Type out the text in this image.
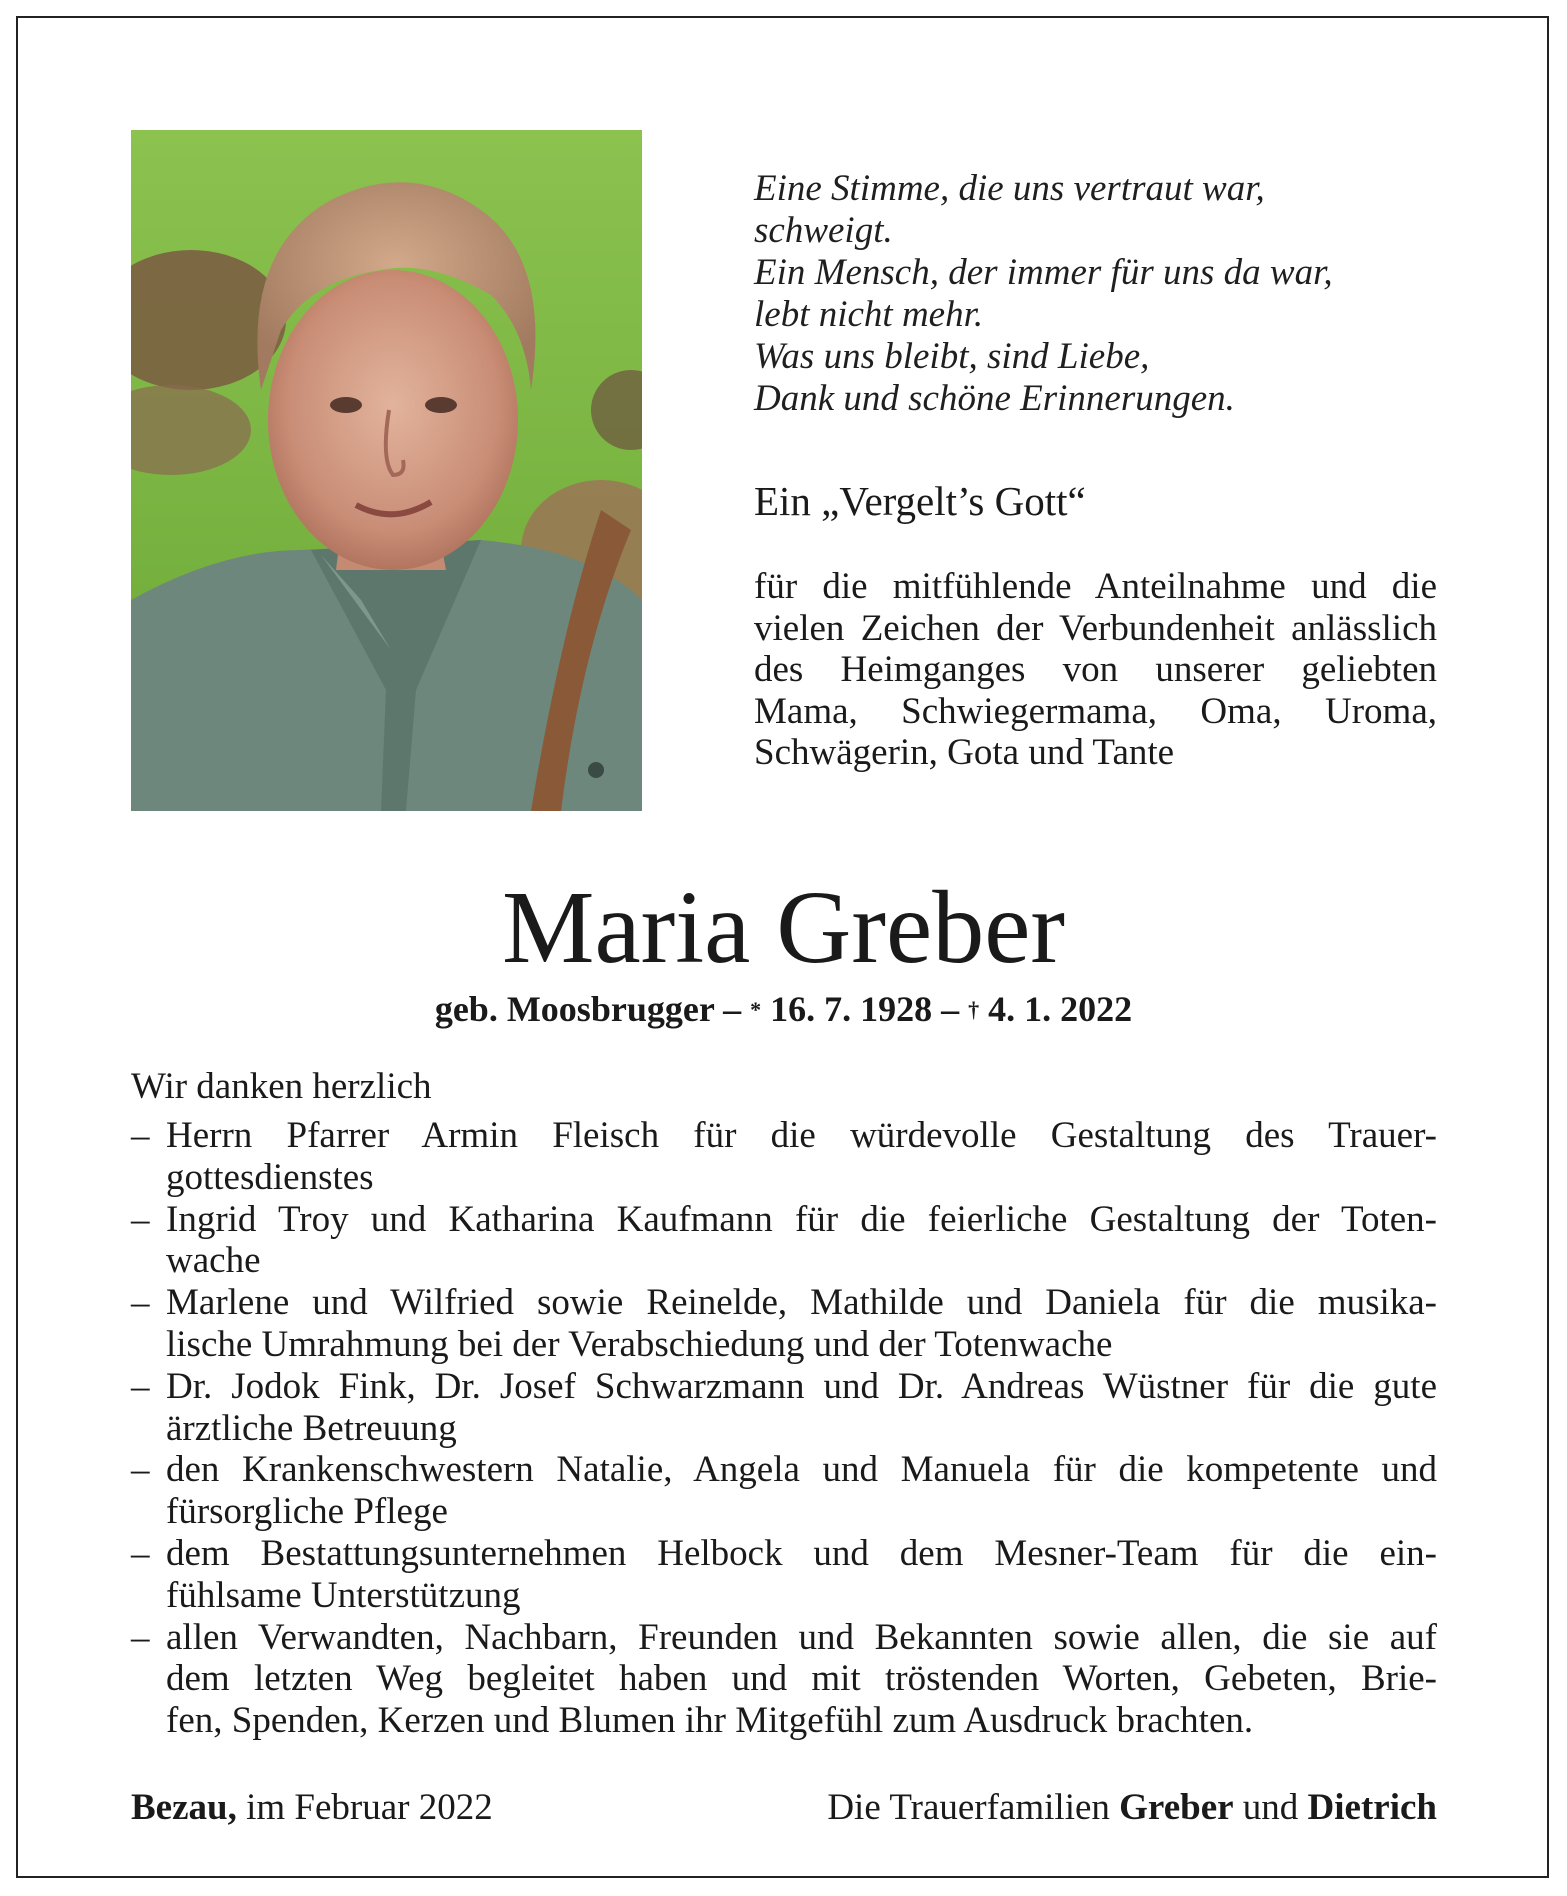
Eine Stimme, die uns vertraut war,
schweigt.
Ein Mensch, der immer für uns da war,
lebt nicht mehr.
Was uns bleibt, sind Liebe,
Dank und schöne Erinnerungen.
Ein „Vergelt’s Gott“
für die mitfühlende Anteilnahme und die vielen Zeichen der Verbundenheit anlässlich des Heimganges von unserer geliebten Mama, Schwiegermama, Oma, Uroma, Schwägerin, Gota und Tante
Maria Greber
geb. Moosbrugger – * 16. 7. 1928 – † 4. 1. 2022
Wir danken herzlich
– Herrn Pfarrer Armin Fleisch für die würdevolle Gestaltung des Trauer-
gottesdienstes
– Ingrid Troy und Katharina Kaufmann für die feierliche Gestaltung der Toten-
wache
– Marlene und Wilfried sowie Reinelde, Mathilde und Daniela für die musika-
lische Umrahmung bei der Verabschiedung und der Totenwache
– Dr. Jodok Fink, Dr. Josef Schwarzmann und Dr. Andreas Wüstner für die gute
ärztliche Betreuung
– den Krankenschwestern Natalie, Angela und Manuela für die kompetente und
fürsorgliche Pflege
– dem Bestattungsunternehmen Helbock und dem Mesner-Team für die ein-
fühlsame Unterstützung
– allen Verwandten, Nachbarn, Freunden und Bekannten sowie allen, die sie auf
dem letzten Weg begleitet haben und mit tröstenden Worten, Gebeten, Brie-
fen, Spenden, Kerzen und Blumen ihr Mitgefühl zum Ausdruck brachten.
Bezau, im Februar 2022	Die Trauerfamilien Greber und Dietrich
